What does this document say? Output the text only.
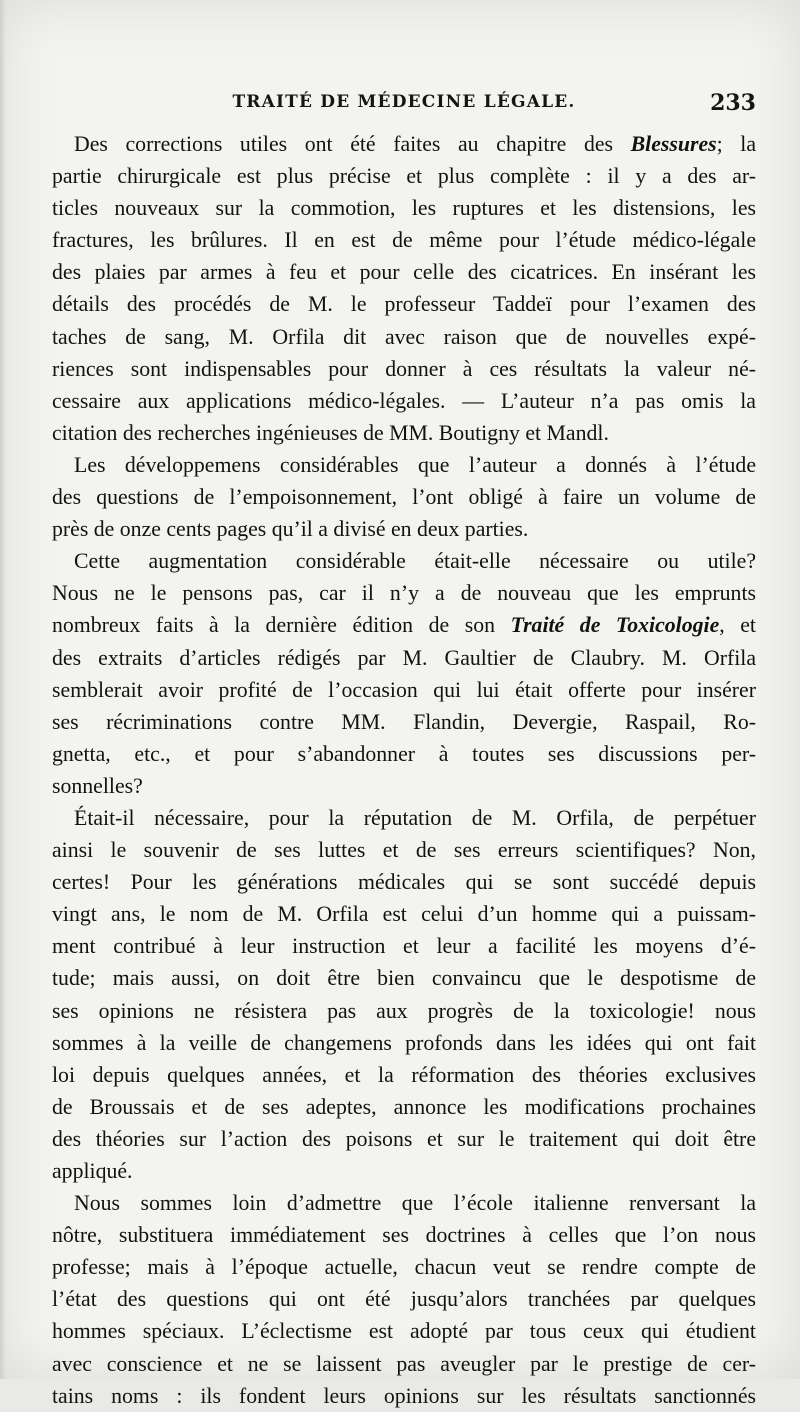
TRAITÉ DE MÉDECINE LÉGALE.	233
Des corrections utiles ont été faites au chapitre des Blessures; la
partie chirurgicale est plus précise et plus complète : il y a des ar-
ticles nouveaux sur la commotion, les ruptures et les distensions, les
fractures, les brûlures. Il en est de même pour l’étude médico-légale
des plaies par armes à feu et pour celle des cicatrices. En insérant les
détails des procédés de M. le professeur Taddeï pour l’examen des
taches de sang, M. Orfila dit avec raison que de nouvelles expé-
riences sont indispensables pour donner à ces résultats la valeur né-
cessaire aux applications médico-légales. — L’auteur n’a pas omis la
citation des recherches ingénieuses de MM. Boutigny et Mandl.
Les développemens considérables que l’auteur a donnés à l’étude
des questions de l’empoisonnement, l’ont obligé à faire un volume de
près de onze cents pages qu’il a divisé en deux parties.
Cette augmentation considérable était-elle nécessaire ou utile?
Nous ne le pensons pas, car il n’y a de nouveau que les emprunts
nombreux faits à la dernière édition de son Traité de Toxicologie, et
des extraits d’articles rédigés par M. Gaultier de Claubry. M. Orfila
semblerait avoir profité de l’occasion qui lui était offerte pour insérer
ses récriminations contre MM. Flandin, Devergie, Raspail, Ro-
gnetta, etc., et pour s’abandonner à toutes ses discussions per-
sonnelles?
Était-il nécessaire, pour la réputation de M. Orfila, de perpétuer
ainsi le souvenir de ses luttes et de ses erreurs scientifiques? Non,
certes! Pour les générations médicales qui se sont succédé depuis
vingt ans, le nom de M. Orfila est celui d’un homme qui a puissam-
ment contribué à leur instruction et leur a facilité les moyens d’é-
tude; mais aussi, on doit être bien convaincu que le despotisme de
ses opinions ne résistera pas aux progrès de la toxicologie! nous
sommes à la veille de changemens profonds dans les idées qui ont fait
loi depuis quelques années, et la réformation des théories exclusives
de Broussais et de ses adeptes, annonce les modifications prochaines
des théories sur l’action des poisons et sur le traitement qui doit être
appliqué.
Nous sommes loin d’admettre que l’école italienne renversant la
nôtre, substituera immédiatement ses doctrines à celles que l’on nous
professe; mais à l’époque actuelle, chacun veut se rendre compte de
l’état des questions qui ont été jusqu’alors tranchées par quelques
hommes spéciaux. L’éclectisme est adopté par tous ceux qui étudient
avec conscience et ne se laissent pas aveugler par le prestige de cer-
tains noms : ils fondent leurs opinions sur les résultats sanctionnés
